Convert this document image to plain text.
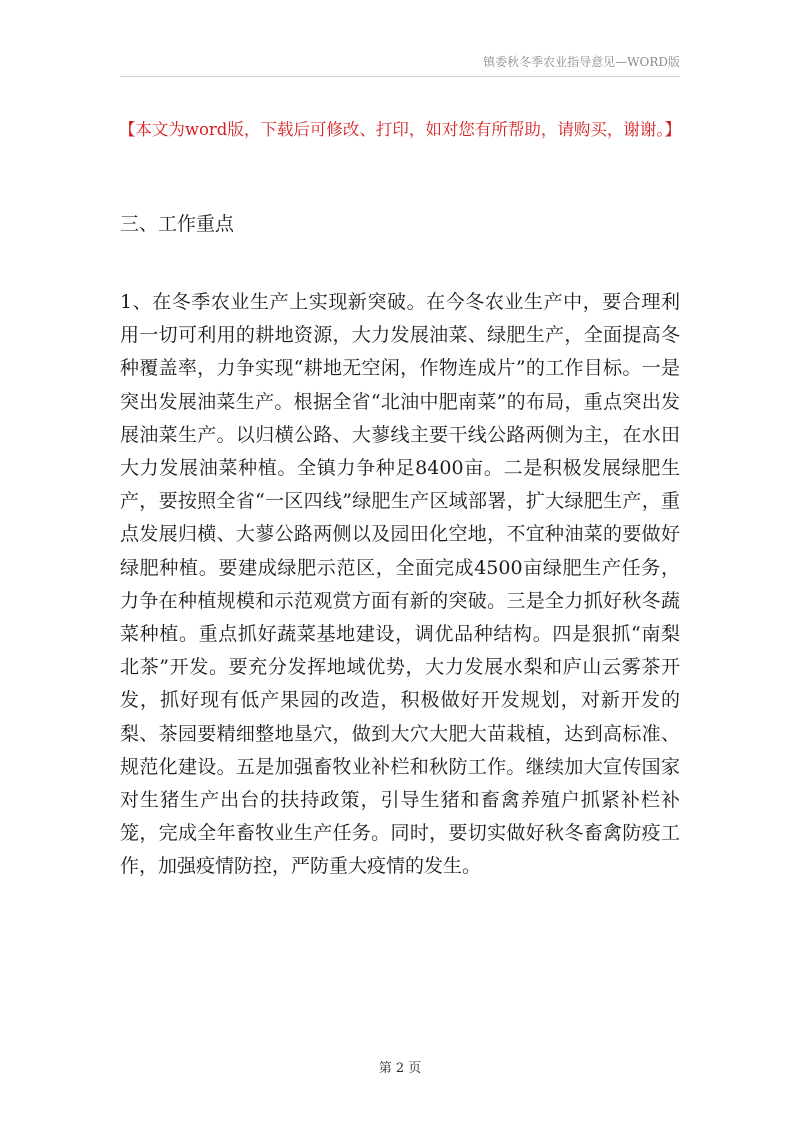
镇委秋冬季农业指导意见—WORD版
【本文为word版，下载后可修改、打印，如对您有所帮助，请购买，谢谢。】
三、工作重点

1、在冬季农业生产上实现新突破。在今冬农业生产中，要合理利用一切可利用的耕地资源，大力发展油菜、绿肥生产，全面提高冬种覆盖率，力争实现“耕地无空闲，作物连成片”的工作目标。一是突出发展油菜生产。根据全省“北油中肥南菜”的布局，重点突出发展油菜生产。以归横公路、大蓼线主要干线公路两侧为主，在水田大力发展油菜种植。全镇力争种足8400亩。二是积极发展绿肥生产，要按照全省“一区四线”绿肥生产区域部署，扩大绿肥生产，重点发展归横、大蓼公路两侧以及园田化空地，不宜种油菜的要做好绿肥种植。要建成绿肥示范区，全面完成4500亩绿肥生产任务，力争在种植规模和示范观赏方面有新的突破。三是全力抓好秋冬蔬菜种植。重点抓好蔬菜基地建设，调优品种结构。四是狠抓“南梨北茶”开发。要充分发挥地域优势，大力发展水梨和庐山云雾茶开发，抓好现有低产果园的改造，积极做好开发规划，对新开发的梨、茶园要精细整地垦穴，做到大穴大肥大苗栽植，达到高标准、规范化建设。五是加强畜牧业补栏和秋防工作。继续加大宣传国家对生猪生产出台的扶持政策，引导生猪和畜禽养殖户抓紧补栏补笼，完成全年畜牧业生产任务。同时，要切实做好秋冬畜禽防疫工作，加强疫情防控，严防重大疫情的发生。

第 2 页
